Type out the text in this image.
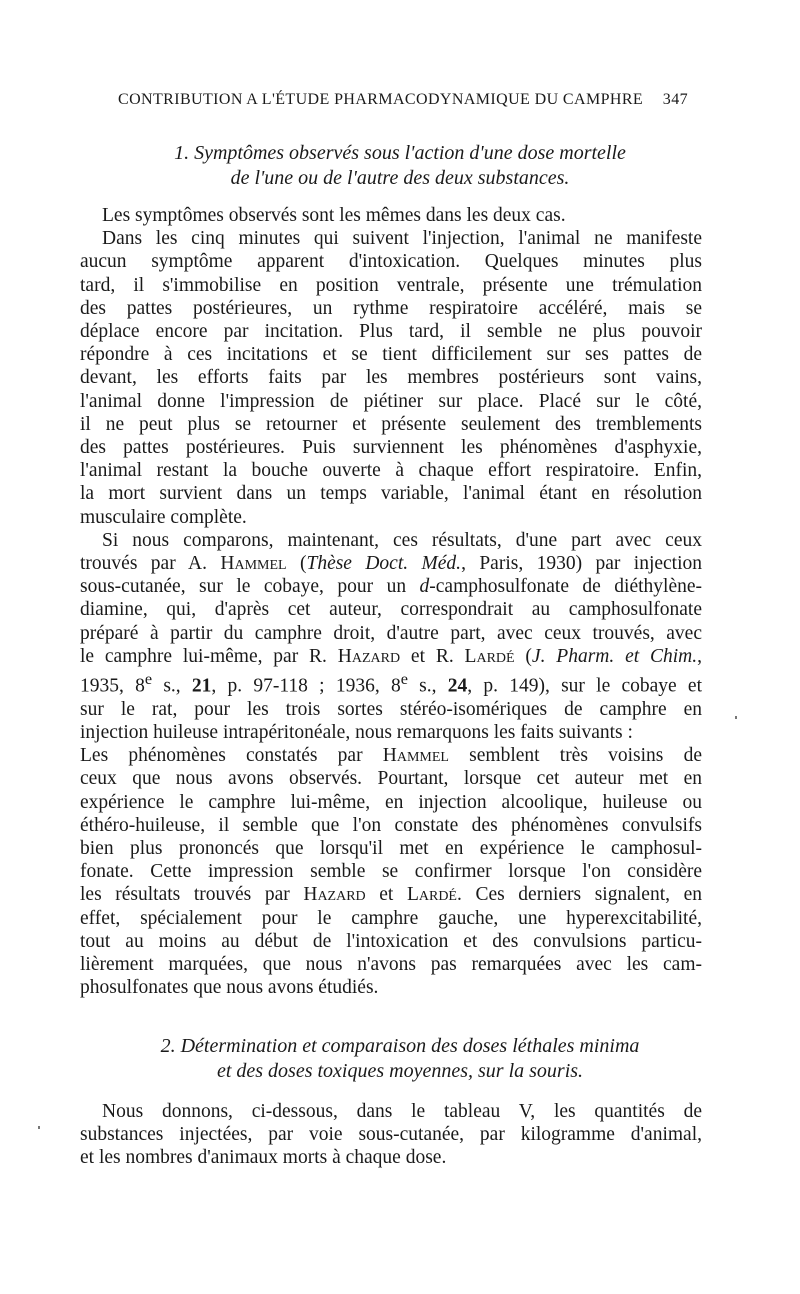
CONTRIBUTION A L'ÉTUDE PHARMACODYNAMIQUE DU CAMPHRE 347
1. Symptômes observés sous l'action d'une dose mortelle
de l'une ou de l'autre des deux substances.
Les symptômes observés sont les mêmes dans les deux cas.
Dans les cinq minutes qui suivent l'injection, l'animal ne manifeste
aucun symptôme apparent d'intoxication. Quelques minutes plus
tard, il s'immobilise en position ventrale, présente une trémulation
des pattes postérieures, un rythme respiratoire accéléré, mais se
déplace encore par incitation. Plus tard, il semble ne plus pouvoir
répondre à ces incitations et se tient difficilement sur ses pattes de
devant, les efforts faits par les membres postérieurs sont vains,
l'animal donne l'impression de piétiner sur place. Placé sur le côté,
il ne peut plus se retourner et présente seulement des tremblements
des pattes postérieures. Puis surviennent les phénomènes d'asphyxie,
l'animal restant la bouche ouverte à chaque effort respiratoire. Enfin,
la mort survient dans un temps variable, l'animal étant en résolution
musculaire complète.
Si nous comparons, maintenant, ces résultats, d'une part avec ceux
trouvés par A. Hammel (Thèse Doct. Méd., Paris, 1930) par injection
sous-cutanée, sur le cobaye, pour un d-camphosulfonate de diéthylène-
diamine, qui, d'après cet auteur, correspondrait au camphosulfonate
préparé à partir du camphre droit, d'autre part, avec ceux trouvés, avec
le camphre lui-même, par R. Hazard et R. Lardé (J. Pharm. et Chim.,
1935, 8e s., 21, p. 97-118 ; 1936, 8e s., 24, p. 149), sur le cobaye et
sur le rat, pour les trois sortes stéréo-isomériques de camphre en
injection huileuse intrapéritonéale, nous remarquons les faits suivants :
Les phénomènes constatés par Hammel semblent très voisins de
ceux que nous avons observés. Pourtant, lorsque cet auteur met en
expérience le camphre lui-même, en injection alcoolique, huileuse ou
éthéro-huileuse, il semble que l'on constate des phénomènes convulsifs
bien plus prononcés que lorsqu'il met en expérience le camphosul-
fonate. Cette impression semble se confirmer lorsque l'on considère
les résultats trouvés par Hazard et Lardé. Ces derniers signalent, en
effet, spécialement pour le camphre gauche, une hyperexcitabilité,
tout au moins au début de l'intoxication et des convulsions particu-
lièrement marquées, que nous n'avons pas remarquées avec les cam-
phosulfonates que nous avons étudiés.
2. Détermination et comparaison des doses léthales minima
et des doses toxiques moyennes, sur la souris.
Nous donnons, ci-dessous, dans le tableau V, les quantités de
substances injectées, par voie sous-cutanée, par kilogramme d'animal,
et les nombres d'animaux morts à chaque dose.
